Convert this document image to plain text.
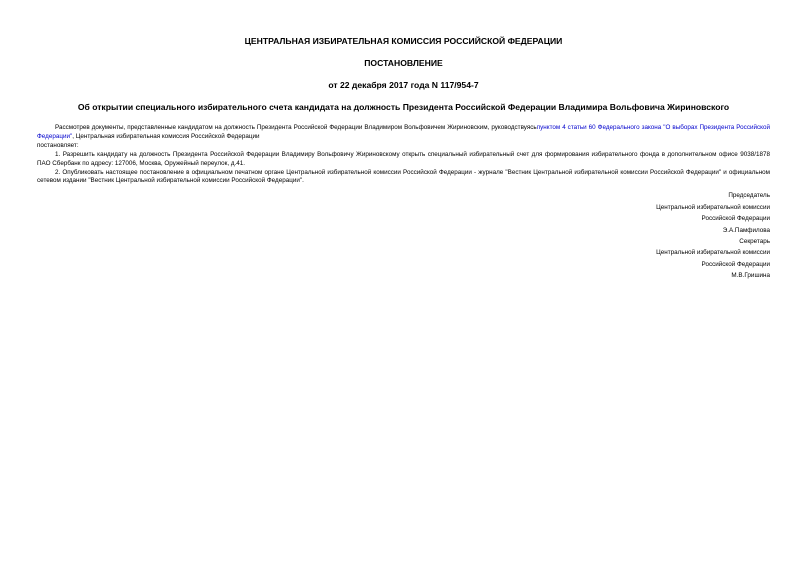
ЦЕНТРАЛЬНАЯ ИЗБИРАТЕЛЬНАЯ КОМИССИЯ РОССИЙСКОЙ ФЕДЕРАЦИИ
ПОСТАНОВЛЕНИЕ
от 22 декабря 2017 года N 117/954-7
Об открытии специального избирательного счета кандидата на должность Президента Российской Федерации Владимира Вольфовича Жириновского

Рассмотрев документы, представленные кандидатом на должность Президента Российской Федерации Владимиром Вольфовичем Жириновским, руководствуясьпунктом 4 статьи 60 Федерального закона "О выборах Президента Российской Федерации", Центральная избирательная комиссия Российской Федерации

постановляет:

1. Разрешить кандидату на должность Президента Российской Федерации Владимиру Вольфовичу Жириновскому открыть специальный избирательный счет для формирования избирательного фонда в дополнительном офисе 9038/1878 ПАО Сбербанк по адресу: 127006, Москва, Оружейный переулок, д.41.

2. Опубликовать настоящее постановление в официальном печатном органе Центральной избирательной комиссии Российской Федерации - журнале "Вестник Центральной избирательной комиссии Российской Федерации" и официальном сетевом издании "Вестник Центральной избирательной комиссии Российской Федерации".

Председатель
Центральной избирательной комиссии
Российской Федерации
Э.А.Памфилова
Секретарь
Центральной избирательной комиссии
Российской Федерации
М.В.Гришина
